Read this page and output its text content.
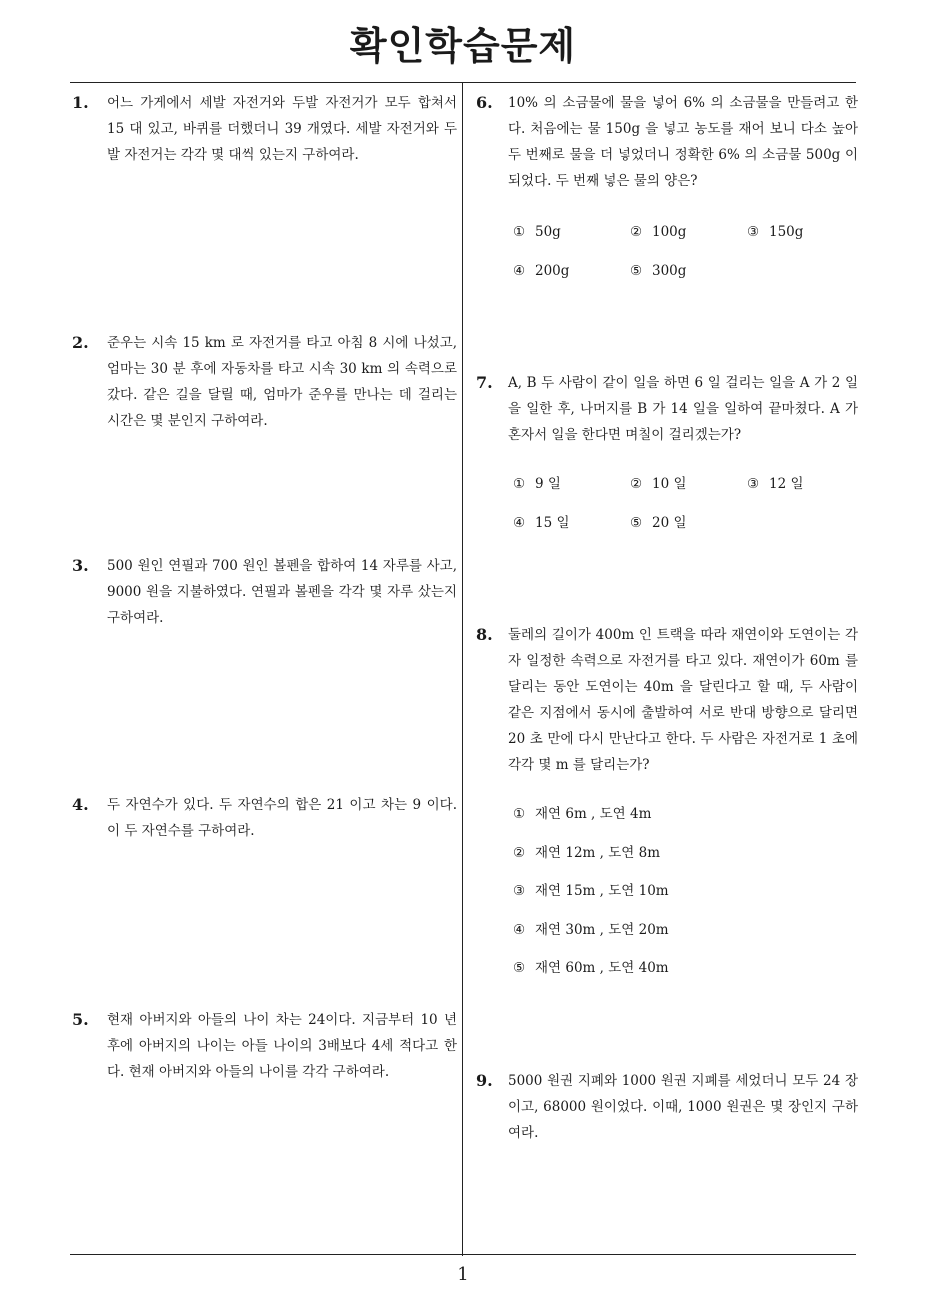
확인학습문제
1
1. 어느 가게에서 세발 자전거와 두발 자전거가 모두 합쳐서 15 대 있고, 바퀴를 더했더니 39 개였다. 세발 자전거와 두발 자전거는 각각 몇 대씩 있는지 구하여라.
2. 준우는 시속 15 km 로 자전거를 타고 아침 8 시에 나섰고, 엄마는 30 분 후에 자동차를 타고 시속 30 km 의 속력으로 갔다. 같은 길을 달릴 때, 엄마가 준우를 만나는 데 걸리는 시간은 몇 분인지 구하여라.
3. 500 원인 연필과 700 원인 볼펜을 합하여 14 자루를 사고, 9000 원을 지불하였다. 연필과 볼펜을 각각 몇 자루 샀는지 구하여라.
4. 두 자연수가 있다. 두 자연수의 합은 21 이고 차는 9 이다. 이 두 자연수를 구하여라.
5. 현재 아버지와 아들의 나이 차는 24이다. 지금부터 10 년 후에 아버지의 나이는 아들 나이의 3배보다 4세 적다고 한다. 현재 아버지와 아들의 나이를 각각 구하여라.
6. 10% 의 소금물에 물을 넣어 6% 의 소금물을 만들려고 한다. 처음에는 물 150g 을 넣고 농도를 재어 보니 다소 높아 두 번째로 물을 더 넣었더니 정확한 6% 의 소금물 500g 이 되었다. 두 번째 넣은 물의 양은?
① 50g	② 100g	③ 150g
④ 200g	⑤ 300g
7. A, B 두 사람이 같이 일을 하면 6 일 걸리는 일을 A 가 2 일을 일한 후, 나머지를 B 가 14 일을 일하여 끝마쳤다. A 가 혼자서 일을 한다면 며칠이 걸리겠는가?
① 9 일	② 10 일	③ 12 일
④ 15 일	⑤ 20 일
8. 둘레의 길이가 400m 인 트랙을 따라 재연이와 도연이는 각자 일정한 속력으로 자전거를 타고 있다. 재연이가 60m 를 달리는 동안 도연이는 40m 을 달린다고 할 때, 두 사람이 같은 지점에서 동시에 출발하여 서로 반대 방향으로 달리면 20 초 만에 다시 만난다고 한다. 두 사람은 자전거로 1 초에 각각 몇 m 를 달리는가?
① 재연 6m , 도연 4m
② 재연 12m , 도연 8m
③ 재연 15m , 도연 10m
④ 재연 30m , 도연 20m
⑤ 재연 60m , 도연 40m
9. 5000 원권 지폐와 1000 원권 지폐를 세었더니 모두 24 장이고, 68000 원이었다. 이때, 1000 원권은 몇 장인지 구하여라.
